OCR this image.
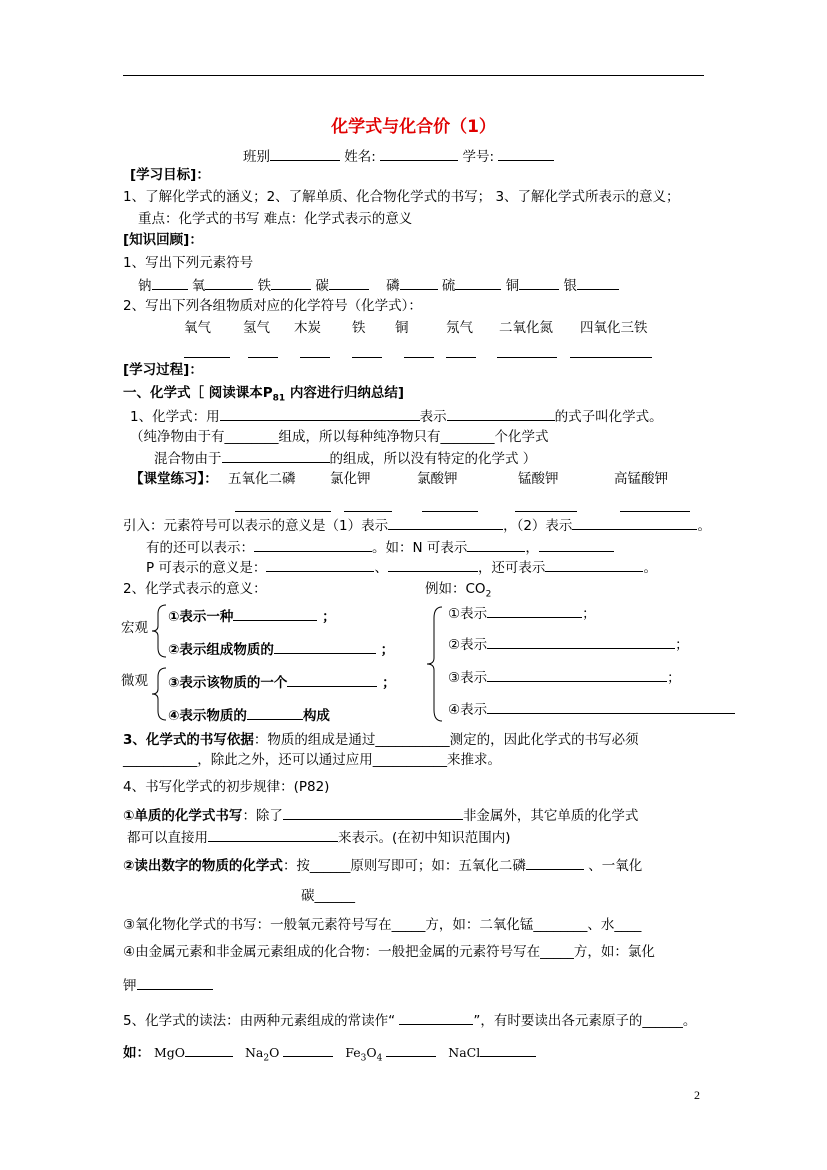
化学式与化合价（1）
班别	姓名:	学号:
[学习目标]：
1、了解化学式的涵义；2、了解单质、化合物化学式的书写； 3、了解化学式所表示的意义；
重点：化学式的书写 难点：化学式表示的意义
[知识回顾]：
1、写出下列元素符号
钠	氧	铁	碳	磷	硫	铜	银
2、写出下列各组物质对应的化学符号（化学式）：
氧气 氢气 木炭 铁 铜	氖气 二氧化氮 四氧化三铁
[学习过程]：
一、化学式［ 阅读课本$P_{81}$ 内容进行归纳总结]
1、化学式：用	表示	的式子叫化学式。
（纯净物由于有________组成，所以每种纯净物只有________个化学式
混合物由于	的组成，所以没有特定的化学式 ）
【课堂练习】： 五氧化二磷	氯化钾	氯酸钾	锰酸钾	高锰酸钾
引入：元素符号可以表示的意义是（1）表示	，（2）表示	。
有的还可以表示：	。如：N 可表示	，
P 可表示的意义是：	、	，还可表示	。
2、化学式表示的意义：	例如：$CO_2$
宏观
微观
①表示一种	；
②表示组成物质的	；
③表示该物质的一个	；
④表示物质的	构成
①表示	；
②表示	；
③表示	；
④表示
3、化学式的书写依据：物质的组成是通过___________测定的，因此化学式的书写必须
___________，除此之外，还可以通过应用___________来推求。
4、书写化学式的初步规律：(P82)
①单质的化学式书写：除了	非金属外，其它单质的化学式
都可以直接用	来表示。(在初中知识范围内)
②读出数字的物质的化学式：按______原则写即可；如：五氧化二磷	、一氧化
碳______
③氧化物化学式的书写：一般氧元素符号写在_____方，如：二氧化锰________、水____
④由金属元素和非金属元素组成的化合物：一般把金属的元素符号写在_____方，如：氯化
钾
5、化学式的读法：由两种元素组成的常读作“	”，有时要读出各元素原子的______。
如： MgO	$Na_2O$	$Fe_3O_4$	NaCl
2
